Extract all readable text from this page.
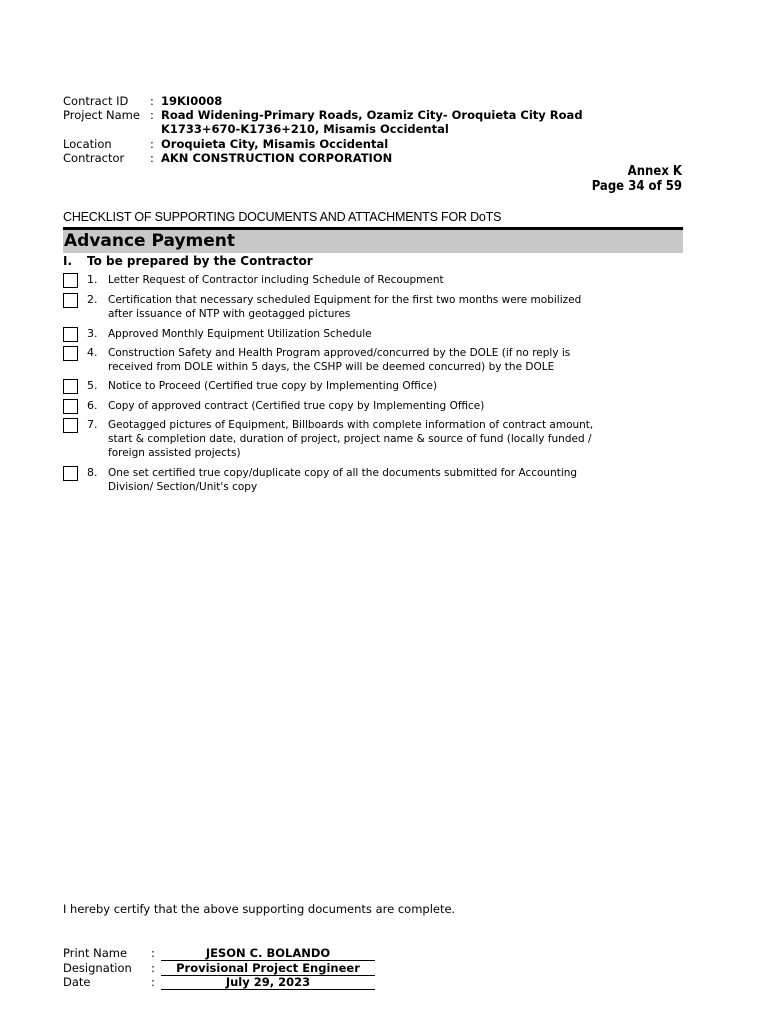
Contract ID : 19KI0008
Project Name : Road Widening-Primary Roads, Ozamiz City- Oroquieta City Road
K1733+670-K1736+210, Misamis Occidental
Location	: Oroquieta City, Misamis Occidental
Contractor : AKN CONSTRUCTION CORPORATION
Annex K
Page 34 of 59
CHECKLIST OF SUPPORTING DOCUMENTS AND ATTACHMENTS FOR DoTS
Advance Payment
I. To be prepared by the Contractor
1. Letter Request of Contractor including Schedule of Recoupment
2. Certification that necessary scheduled Equipment for the first two months were mobilized after issuance of NTP with geotagged pictures
3. Approved Monthly Equipment Utilization Schedule
4. Construction Safety and Health Program approved/concurred by the DOLE (if no reply is received from DOLE within 5 days, the CSHP will be deemed concurred) by the DOLE
5. Notice to Proceed (Certified true copy by Implementing Office)
6. Copy of approved contract (Certified true copy by Implementing Office)
7. Geotagged pictures of Equipment, Billboards with complete information of contract amount, start & completion date, duration of project, project name & source of fund (locally funded / foreign assisted projects)
8. One set certified true copy/duplicate copy of all the documents submitted for Accounting Division/ Section/Unit's copy
I hereby certify that the above supporting documents are complete.
Print Name :	JESON C. BOLANDO
Designation :	Provisional Project Engineer
Date	:	July 29, 2023
